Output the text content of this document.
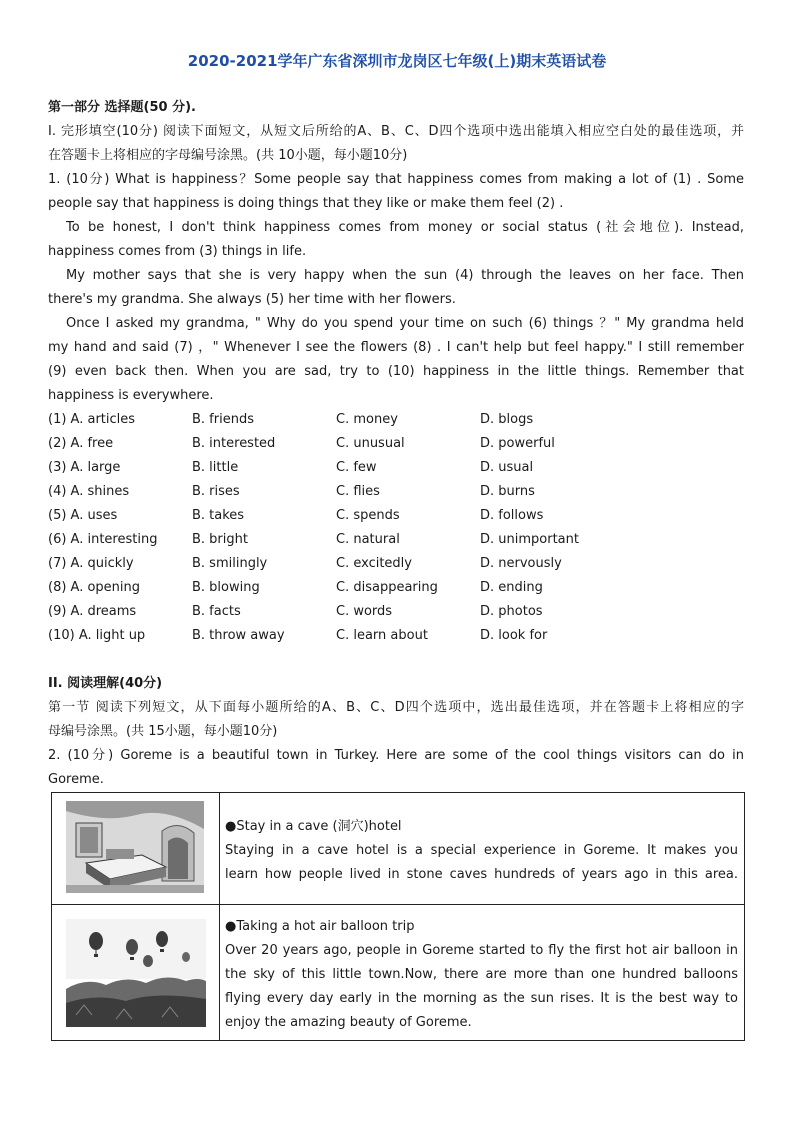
2020-2021学年广东省深圳市龙岗区七年级(上)期末英语试卷
第一部分 选择题(50 分).
I. 完形填空(10分) 阅读下面短文，从短文后所给的A、B、C、D四个选项中选出能填入相应空白处的最佳选项，并
在答题卡上将相应的字母编号涂黑。(共 10小题，每小题10分)
1. (10分) What is happiness？Some people say that happiness comes from making a lot of (1) . Some
people say that happiness is doing things that they like or make them feel (2) .
To be honest, I don't think happiness comes from money or social status (社会地位). Instead,
happiness comes from (3) things in life.
My mother says that she is very happy when the sun (4) through the leaves on her face. Then
there's my grandma. She always (5) her time with her flowers.
Once I asked my grandma, " Why do you spend your time on such (6) things ？" My grandma held
my hand and said (7) ，" Whenever I see the flowers (8) . I can't help but feel happy." I still remember
(9) even back then. When you are sad, try to (10) happiness in the little things. Remember that
happiness is everywhere.
(1) A. articles	B. friends	C. money	D. blogs
(2) A. free	B. interested	C. unusual	D. powerful
(3) A. large	B. little	C. few	D. usual
(4) A. shines	B. rises	C. flies	D. burns
(5) A. uses	B. takes	C. spends	D. follows
(6) A. interesting	B. bright	C. natural	D. unimportant
(7) A. quickly	B. smilingly	C. excitedly	D. nervously
(8) A. opening	B. blowing	C. disappearing	D. ending
(9) A. dreams	B. facts	C. words	D. photos
(10) A. light up	B. throw away	C. learn about	D. look for
II. 阅读理解(40分)
第一节 阅读下列短文，从下面每小题所给的A、B、C、D四个选项中，选出最佳选项，并在答题卡上将相应的字
母编号涂黑。(共 15小题，每小题10分)
2. (10分) Goreme is a beautiful town in Turkey. Here are some of the cool things visitors can do in
Goreme.

●Stay in a cave (洞穴)hotel
Staying in a cave hotel is a special experience in Goreme. It makes you
learn how people lived in stone caves hundreds of years ago in this area.

●Taking a hot air balloon trip
Over 20 years ago, people in Goreme started to fly the first hot air balloon in
the sky of this little town.Now, there are more than one hundred balloons
flying every day early in the morning as the sun rises. It is the best way to
enjoy the amazing beauty of Goreme.
